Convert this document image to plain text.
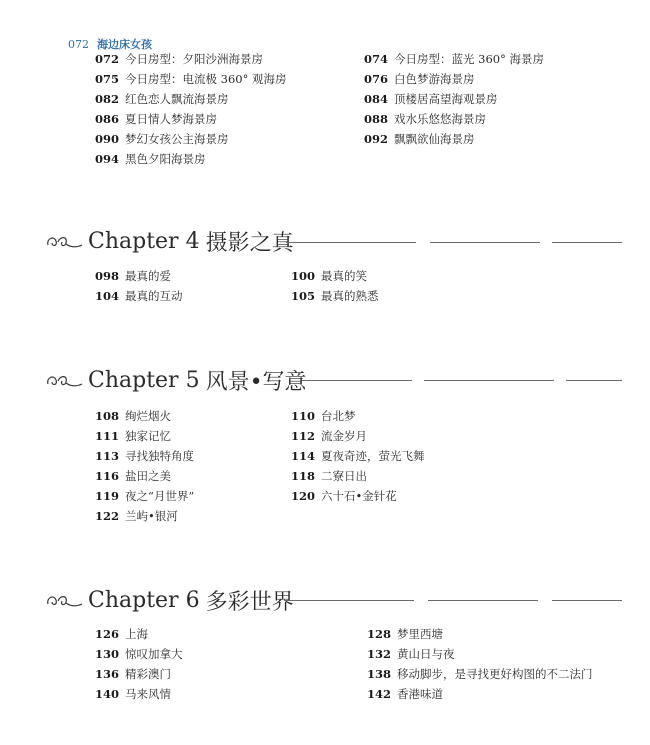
072 海边床女孩
072 今日房型：夕阳沙洲海景房
075 今日房型：电流极 360° 观海房
082 红色恋人飘流海景房
086 夏日情人梦海景房
090 梦幻女孩公主海景房
094 黑色夕阳海景房
074 今日房型：蓝光 360° 海景房
076 白色梦游海景房
084 顶楼居高望海观景房
088 戏水乐悠悠海景房
092 飘飘欲仙海景房
Chapter 4 摄影之真
098 最真的爱
104 最真的互动
100 最真的笑
105 最真的熟悉
Chapter 5 风景•写意
108 绚烂烟火
111 独家记忆
113 寻找独特角度
116 盐田之美
119 夜之“月世界”
122 兰屿•银河
110 台北梦
112 流金岁月
114 夏夜奇迹，萤光飞舞
118 二寮日出
120 六十石•金针花
Chapter 6 多彩世界
126 上海
130 惊叹加拿大
136 精彩澳门
140 马来风情
128 梦里西塘
132 黄山日与夜
138 移动脚步，是寻找更好构图的不二法门
142 香港味道
